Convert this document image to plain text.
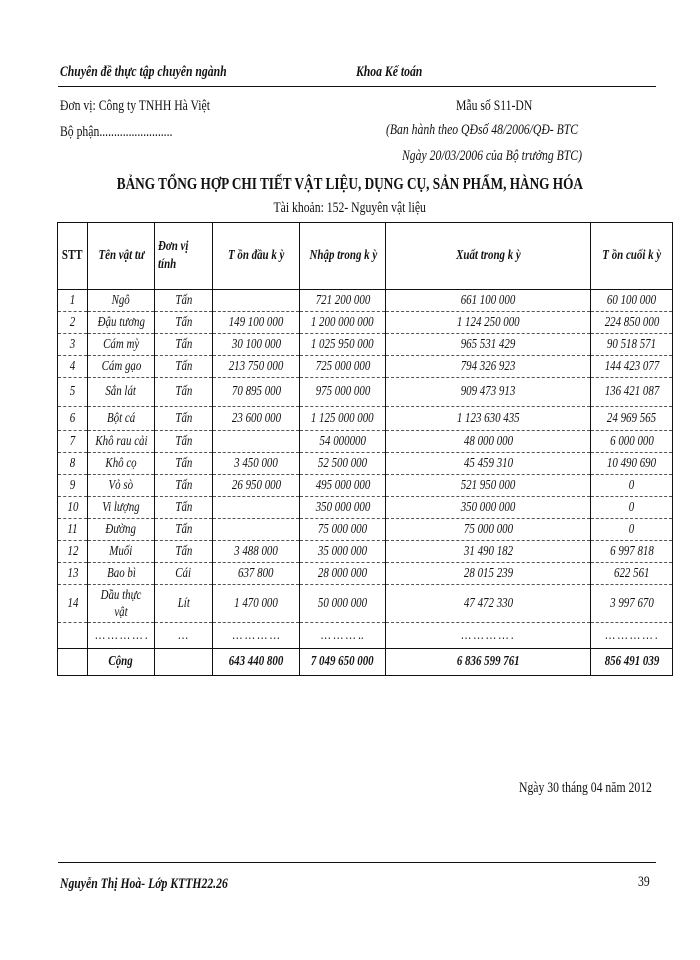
Chuyên đề thực tập chuyên ngành	Khoa Kế toán
Đơn vị: Công ty TNHH Hà Việt
Bộ phận.........................
Mẫu số S11-DN
(Ban hành theo QĐsố 48/2006/QĐ- BTC
Ngày 20/03/2006 của Bộ trưởng BTC)
BẢNG TỔNG HỢP CHI TIẾT VẬT LIỆU, DỤNG CỤ, SẢN PHẨM, HÀNG HÓA
Tài khoản: 152- Nguyên vật liệu
STT	Tên vật tư	Đơn vị tính	T ồn đầu k ỳ	Nhập trong k ỳ	Xuất trong k ỳ	T ồn cuối k ỳ
1	Ngô	Tấn		721 200 000	661 100 000	60 100 000
2	Đậu tương	Tấn	149 100 000	1 200 000 000	1 124 250 000	224 850 000
3	Cám mỳ	Tấn	30 100 000	1 025 950 000	965 531 429	90 518 571
4	Cám gạo	Tấn	213 750 000	725 000 000	794 326 923	144 423 077
5	Sắn lát	Tấn	70 895 000	975 000 000	909 473 913	136 421 087
6	Bột cá	Tấn	23 600 000	1 125 000 000	1 123 630 435	24 969 565
7	Khô rau cải	Tấn		54 000000	48 000 000	6 000 000
8	Khô cọ	Tấn	3 450 000	52 500 000	45 459 310	10 490 690
9	Vỏ sò	Tấn	26 950 000	495 000 000	521 950 000	0
10	Vi lượng	Tấn		350 000 000	350 000 000	0
11	Đường	Tấn		75 000 000	75 000 000	0
12	Muối	Tấn	3 488 000	35 000 000	31 490 182	6 997 818
13	Bao bì	Cái	637 800	28 000 000	28 015 239	622 561
14	Dầu thực vật	Lít	1 470 000	50 000 000	47 472 330	3 997 670
	… … … … .	…	… … … …	… … … ..	… … … … .	… … … … .
	Cộng		643 440 800	7 049 650 000	6 836 599 761	856 491 039
Ngày 30 tháng 04 năm 2012
Nguyễn Thị Hoà- Lớp KTTH22.26	39
